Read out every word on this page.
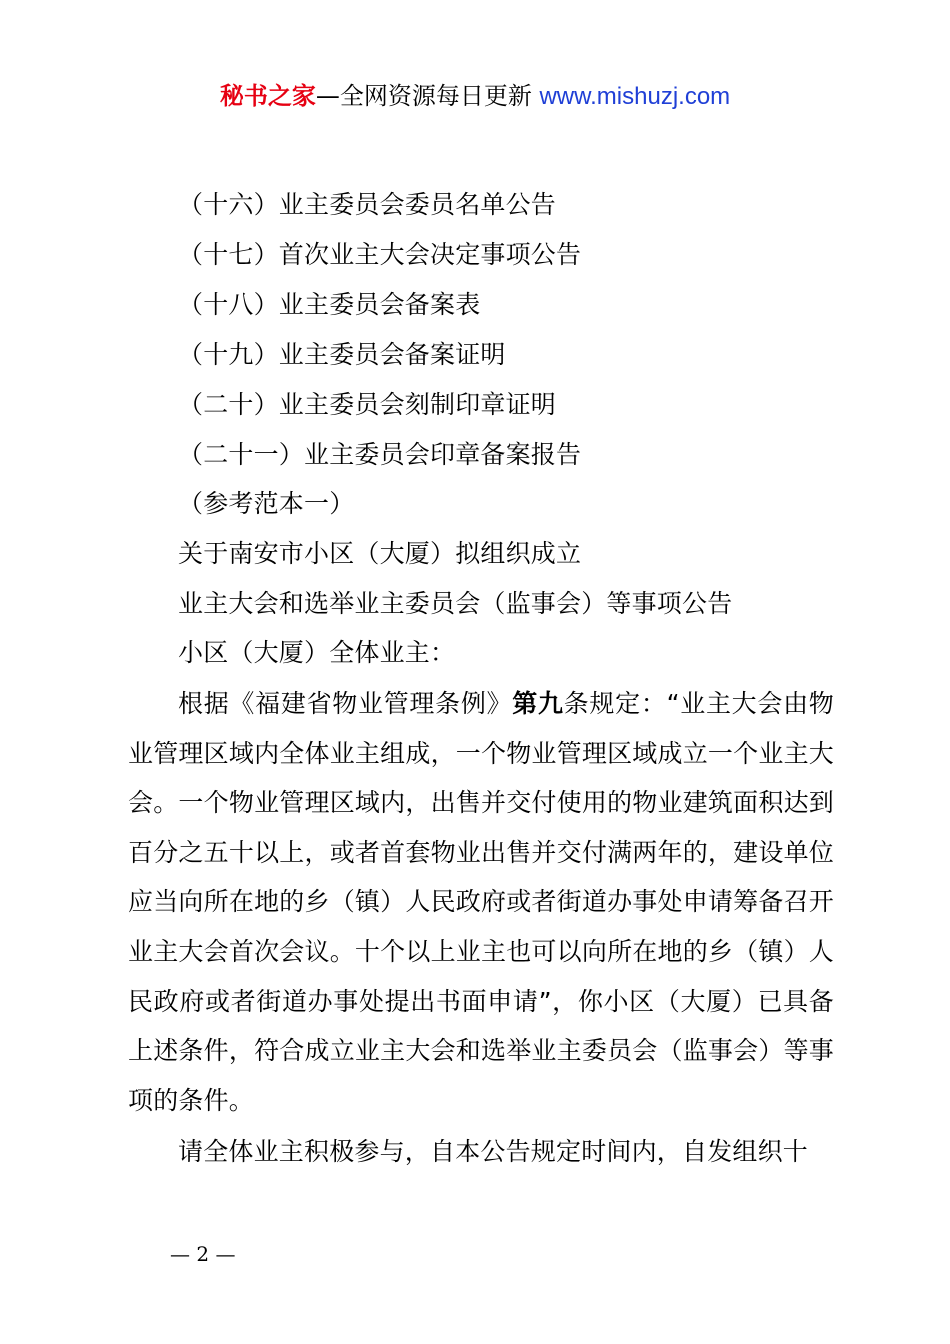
秘书之家—全网资源每日更新 www.mishuzj.com
（十六）业主委员会委员名单公告
（十七）首次业主大会决定事项公告
（十八）业主委员会备案表
（十九）业主委员会备案证明
（二十）业主委员会刻制印章证明
（二十一）业主委员会印章备案报告
（参考范本一）
关于南安市小区（大厦）拟组织成立
业主大会和选举业主委员会（监事会）等事项公告
小区（大厦）全体业主：
根据《福建省物业管理条例》第九条规定：“业主大会由物业管理区域内全体业主组成，一个物业管理区域成立一个业主大会。一个物业管理区域内，出售并交付使用的物业建筑面积达到百分之五十以上，或者首套物业出售并交付满两年的，建设单位应当向所在地的乡（镇）人民政府或者街道办事处申请筹备召开业主大会首次会议。十个以上业主也可以向所在地的乡（镇）人民政府或者街道办事处提出书面申请”，你小区（大厦）已具备上述条件，符合成立业主大会和选举业主委员会（监事会）等事项的条件。
请全体业主积极参与，自本公告规定时间内，自发组织十
— 2 —
